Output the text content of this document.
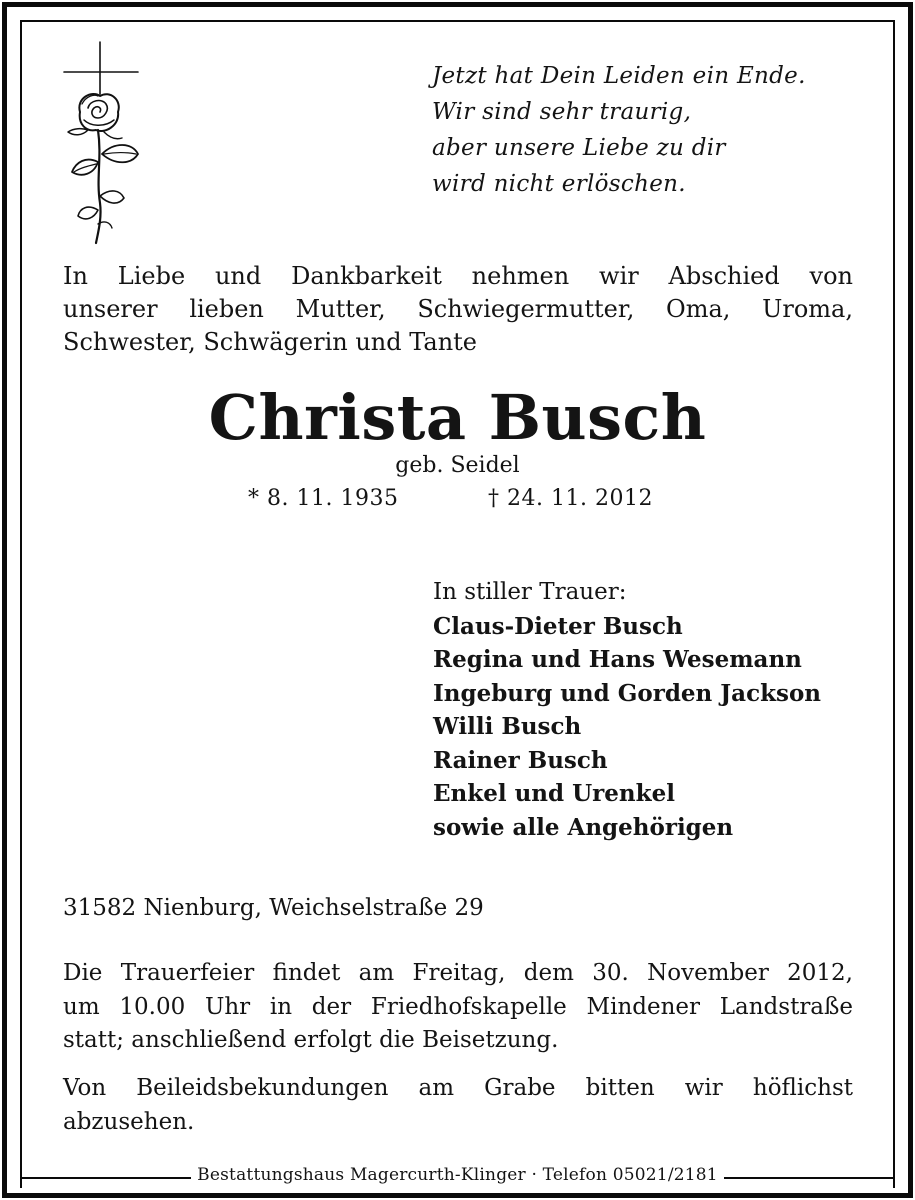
Jetzt hat Dein Leiden ein Ende.
Wir sind sehr traurig,
aber unsere Liebe zu dir
wird nicht erlöschen.
In Liebe und Dankbarkeit nehmen wir Abschied von
unserer lieben Mutter, Schwiegermutter, Oma, Uroma,
Schwester, Schwägerin und Tante
Christa Busch
geb. Seidel
* 8. 11. 1935	† 24. 11. 2012
In stiller Trauer:
Claus-Dieter Busch
Regina und Hans Wesemann
Ingeburg und Gorden Jackson
Willi Busch
Rainer Busch
Enkel und Urenkel
sowie alle Angehörigen
31582 Nienburg, Weichselstraße 29
Die Trauerfeier findet am Freitag, dem 30. November 2012,
um 10.00 Uhr in der Friedhofskapelle Mindener Landstraße
statt; anschließend erfolgt die Beisetzung.
Von Beileidsbekundungen am Grabe bitten wir höflichst
abzusehen.
Bestattungshaus Magercurth-Klinger · Telefon 05021/2181
